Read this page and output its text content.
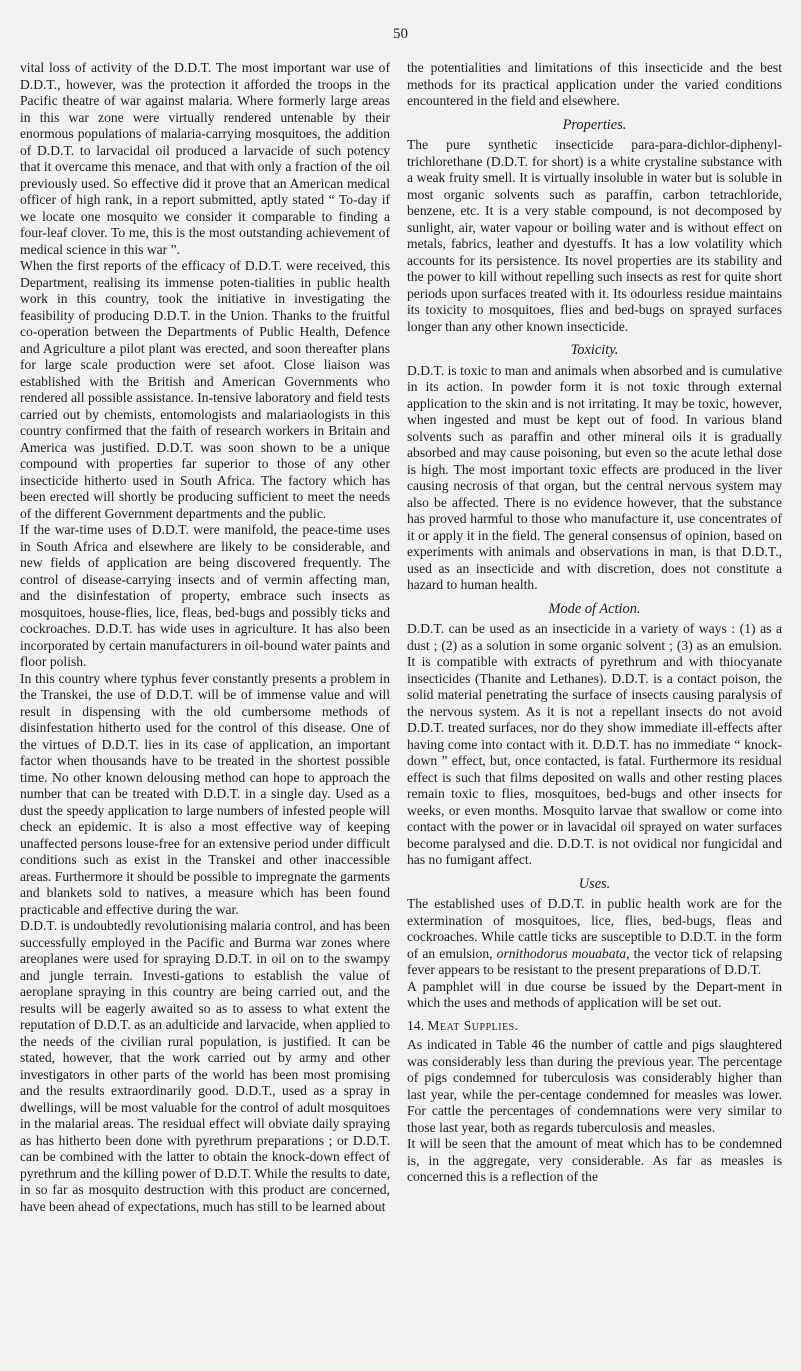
50

vital loss of activity of the D.D.T. The most important war use of D.D.T., however, was the protection it afforded the troops in the Pacific theatre of war against malaria. Where formerly large areas in this war zone were virtually rendered untenable by their enormous populations of malaria-carrying mosquitoes, the addition of D.D.T. to larvacidal oil produced a larvacide of such potency that it overcame this menace, and that with only a fraction of the oil previously used. So effective did it prove that an American medical officer of high rank, in a report submitted, aptly stated “ To-day if we locate one mosquito we consider it comparable to finding a four-leaf clover. To me, this is the most outstanding achievement of medical science in this war ”.

When the first reports of the efficacy of D.D.T. were received, this Department, realising its immense poten-tialities in public health work in this country, took the initiative in investigating the feasibility of producing D.D.T. in the Union. Thanks to the fruitful co-operation between the Departments of Public Health, Defence and Agriculture a pilot plant was erected, and soon thereafter plans for large scale production were set afoot. Close liaison was established with the British and American Governments who rendered all possible assistance. In-tensive laboratory and field tests carried out by chemists, entomologists and malariaologists in this country confirmed that the faith of research workers in Britain and America was justified. D.D.T. was soon shown to be a unique compound with properties far superior to those of any other insecticide hitherto used in South Africa. The factory which has been erected will shortly be producing sufficient to meet the needs of the different Government departments and the public.

If the war-time uses of D.D.T. were manifold, the peace-time uses in South Africa and elsewhere are likely to be considerable, and new fields of application are being discovered frequently. The control of disease-carrying insects and of vermin affecting man, and the disinfestation of property, embrace such insects as mosquitoes, house-flies, lice, fleas, bed-bugs and possibly ticks and cockroaches. D.D.T. has wide uses in agriculture. It has also been incorporated by certain manufacturers in oil-bound water paints and floor polish.

In this country where typhus fever constantly presents a problem in the Transkei, the use of D.D.T. will be of immense value and will result in dispensing with the old cumbersome methods of disinfestation hitherto used for the control of this disease. One of the virtues of D.D.T. lies in its case of application, an important factor when thousands have to be treated in the shortest possible time. No other known delousing method can hope to approach the number that can be treated with D.D.T. in a single day. Used as a dust the speedy application to large numbers of infested people will check an epidemic. It is also a most effective way of keeping unaffected persons louse-free for an extensive period under difficult conditions such as exist in the Transkei and other inaccessible areas. Furthermore it should be possible to impregnate the garments and blankets sold to natives, a measure which has been found practicable and effective during the war.

D.D.T. is undoubtedly revolutionising malaria control, and has been successfully employed in the Pacific and Burma war zones where areoplanes were used for spraying D.D.T. in oil on to the swampy and jungle terrain. Investi-gations to establish the value of aeroplane spraying in this country are being carried out, and the results will be eagerly awaited so as to assess to what extent the reputation of D.D.T. as an adulticide and larvacide, when applied to the needs of the civilian rural population, is justified. It can be stated, however, that the work carried out by army and other investigators in other parts of the world has been most promising and the results extraordinarily good. D.D.T., used as a spray in dwellings, will be most valuable for the control of adult mosquitoes in the malarial areas. The residual effect will obviate daily spraying as has hitherto been done with pyrethrum preparations ; or D.D.T. can be combined with the latter to obtain the knock-down effect of pyrethrum and the killing power of D.D.T. While the results to date, in so far as mosquito destruction with this product are concerned, have been ahead of expectations, much has still to be learned about

the potentialities and limitations of this insecticide and the best methods for its practical application under the varied conditions encountered in the field and elsewhere.

Properties.

The pure synthetic insecticide para-para-dichlor-diphenyl-trichlorethane (D.D.T. for short) is a white crystaline substance with a weak fruity smell. It is virtually insoluble in water but is soluble in most organic solvents such as paraffin, carbon tetrachloride, benzene, etc. It is a very stable compound, is not decomposed by sunlight, air, water vapour or boiling water and is without effect on metals, fabrics, leather and dyestuffs. It has a low volatility which accounts for its persistence. Its novel properties are its stability and the power to kill without repelling such insects as rest for quite short periods upon surfaces treated with it. Its odourless residue maintains its toxicity to mosquitoes, flies and bed-bugs on sprayed surfaces longer than any other known insecticide.

Toxicity.

D.D.T. is toxic to man and animals when absorbed and is cumulative in its action. In powder form it is not toxic through external application to the skin and is not irritating. It may be toxic, however, when ingested and must be kept out of food. In various bland solvents such as paraffin and other mineral oils it is gradually absorbed and may cause poisoning, but even so the acute lethal dose is high. The most important toxic effects are produced in the liver causing necrosis of that organ, but the central nervous system may also be affected. There is no evidence however, that the substance has proved harmful to those who manufacture it, use concentrates of it or apply it in the field. The general consensus of opinion, based on experiments with animals and observations in man, is that D.D.T., used as an insecticide and with discretion, does not constitute a hazard to human health.

Mode of Action.

D.D.T. can be used as an insecticide in a variety of ways : (1) as a dust ; (2) as a solution in some organic solvent ; (3) as an emulsion. It is compatible with extracts of pyrethrum and with thiocyanate insecticides (Thanite and Lethanes). D.D.T. is a contact poison, the solid material penetrating the surface of insects causing paralysis of the nervous system. As it is not a repellant insects do not avoid D.D.T. treated surfaces, nor do they show immediate ill-effects after having come into contact with it. D.D.T. has no immediate “ knock-down ” effect, but, once contacted, is fatal. Furthermore its residual effect is such that films deposited on walls and other resting places remain toxic to flies, mosquitoes, bed-bugs and other insects for weeks, or even months. Mosquito larvae that swallow or come into contact with the power or in lavacidal oil sprayed on water surfaces become paralysed and die. D.D.T. is not ovidical nor fungicidal and has no fumigant affect.

Uses.

The established uses of D.D.T. in public health work are for the extermination of mosquitoes, lice, flies, bed-bugs, fleas and cockroaches. While cattle ticks are susceptible to D.D.T. in the form of an emulsion, ornithodorus mouabata, the vector tick of relapsing fever appears to be resistant to the present preparations of D.D.T.

A pamphlet will in due course be issued by the Depart-ment in which the uses and methods of application will be set out.

14. Meat Supplies.

As indicated in Table 46 the number of cattle and pigs slaughtered was considerably less than during the previous year. The percentage of pigs condemned for tuberculosis was considerably higher than last year, while the per-centage condemned for measles was lower. For cattle the percentages of condemnations were very similar to those last year, both as regards tuberculosis and measles.

It will be seen that the amount of meat which has to be condemned is, in the aggregate, very considerable. As far as measles is concerned this is a reflection of the
